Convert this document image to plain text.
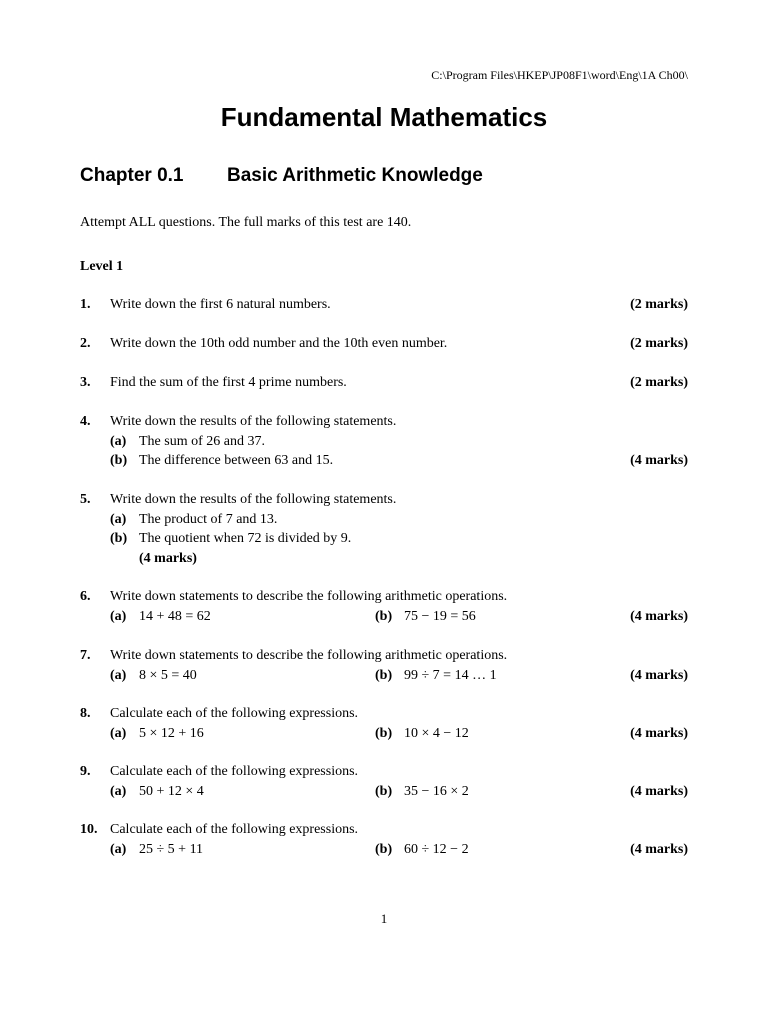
C:\Program Files\HKEP\JP08F1\word\Eng\1A Ch00\
Fundamental Mathematics
Chapter 0.1 Basic Arithmetic Knowledge
Attempt ALL questions. The full marks of this test are 140.
Level 1
1. Write down the first 6 natural numbers.	(2 marks)
2. Write down the 10th odd number and the 10th even number.	(2 marks)
3. Find the sum of the first 4 prime numbers.	(2 marks)
4. Write down the results of the following statements.
(a) The sum of 26 and 37.
(b) The difference between 63 and 15.	(4 marks)
5. Write down the results of the following statements.
(a) The product of 7 and 13.
(b) The quotient when 72 is divided by 9.
(4 marks)
6. Write down statements to describe the following arithmetic operations.
(a) 14 + 48 = 62	(b) 75 − 19 = 56	(4 marks)
7. Write down statements to describe the following arithmetic operations.
(a) 8 × 5 = 40	(b) 99 ÷ 7 = 14 … 1	(4 marks)
8. Calculate each of the following expressions.
(a) 5 × 12 + 16	(b) 10 × 4 − 12	(4 marks)
9. Calculate each of the following expressions.
(a) 50 + 12 × 4	(b) 35 − 16 × 2	(4 marks)
10. Calculate each of the following expressions.
(a) 25 ÷ 5 + 11	(b) 60 ÷ 12 − 2	(4 marks)
1
